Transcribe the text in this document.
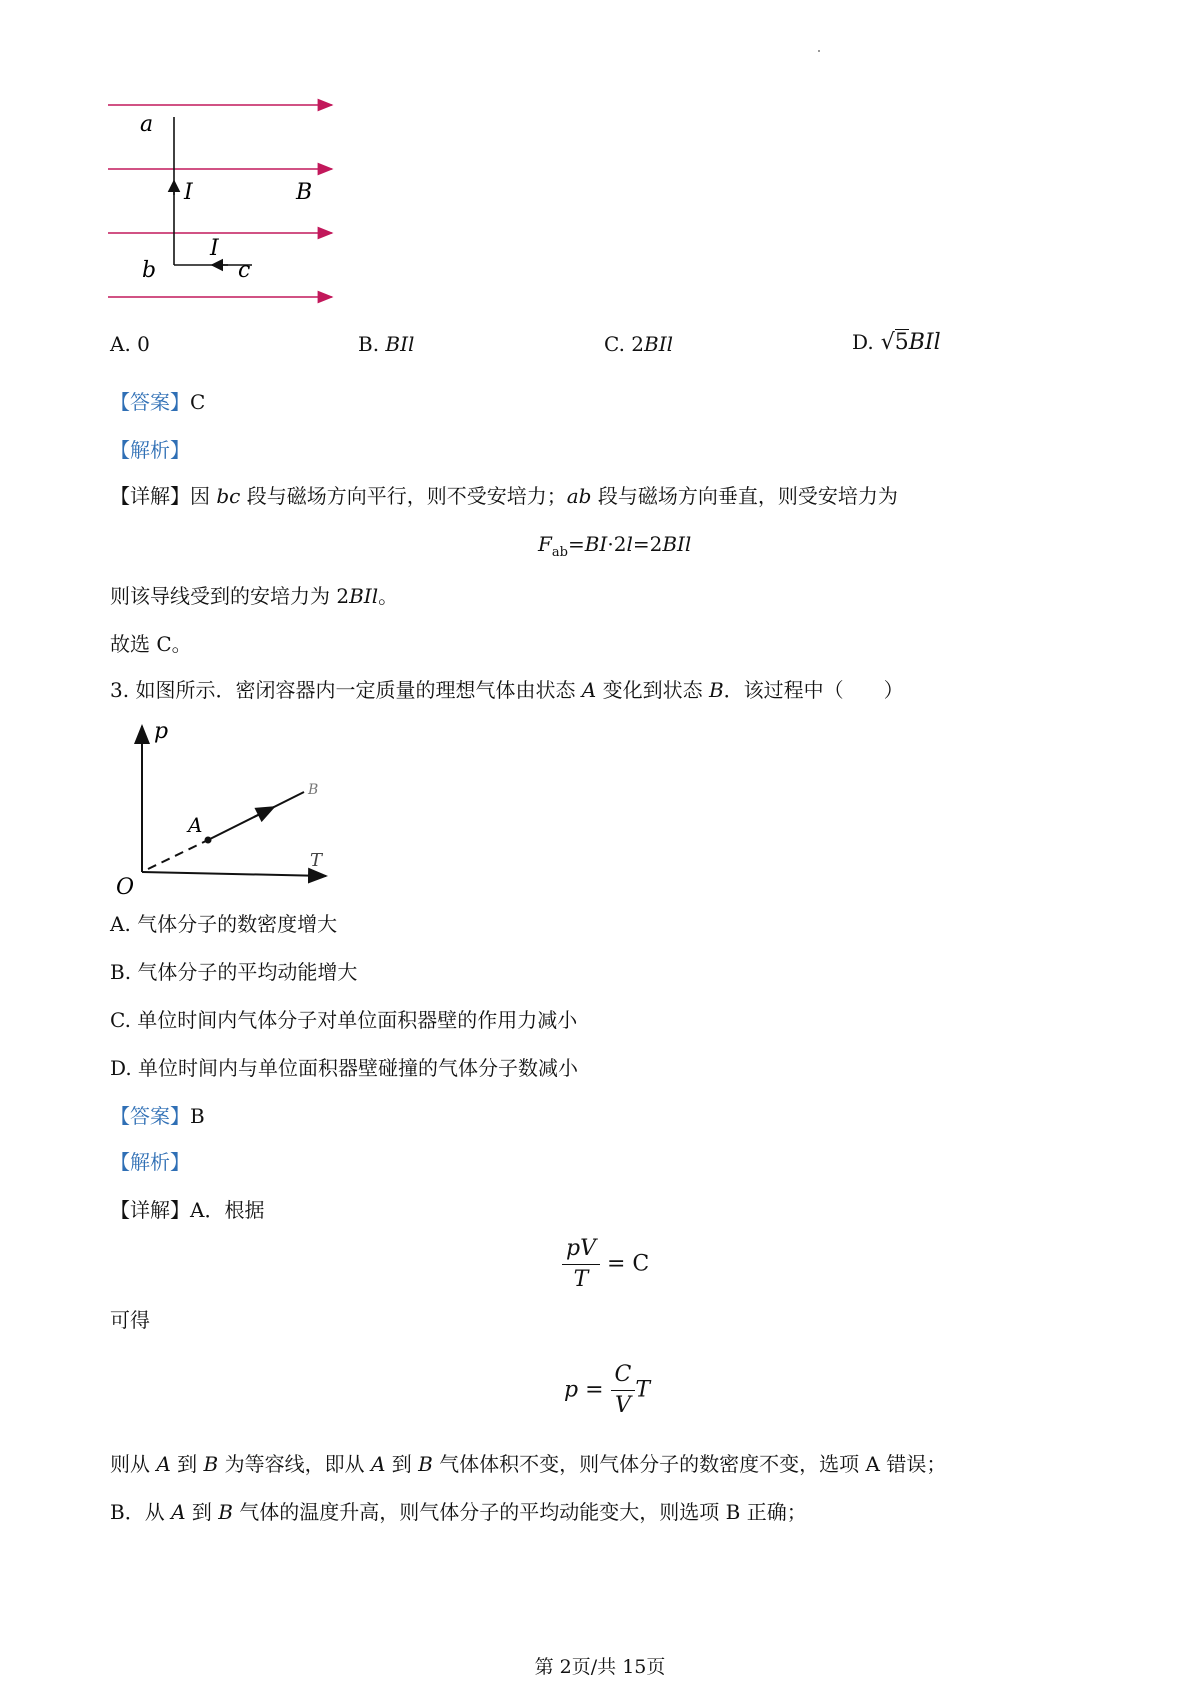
a
b	c
I
I
B
A. 0	B. BIl	C. 2BIl	D. √5BIl
【答案】C
【解析】
【详解】因 bc 段与磁场方向平行，则不受安培力；ab 段与磁场方向垂直，则受安培力为
$F_{ab}=BI\cdot 2l=2BIl$
则该导线受到的安培力为 2BIl。
故选 C。
3. 如图所示．密闭容器内一定质量的理想气体由状态 A 变化到状态 B．该过程中（　　）
p
O
T
A
B
A. 气体分子的数密度增大
B. 气体分子的平均动能增大
C. 单位时间内气体分子对单位面积器壁的作用力减小
D. 单位时间内与单位面积器壁碰撞的气体分子数减小
【答案】B
【解析】
【详解】A．根据
$\frac{pV}{T} = C$
可得
$p = \frac{C}{V}$ T
则从 A 到 B 为等容线，即从 A 到 B 气体体积不变，则气体分子的数密度不变，选项 A 错误；
B．从 A 到 B 气体的温度升高，则气体分子的平均动能变大，则选项 B 正确；
第 2页/共 15页
